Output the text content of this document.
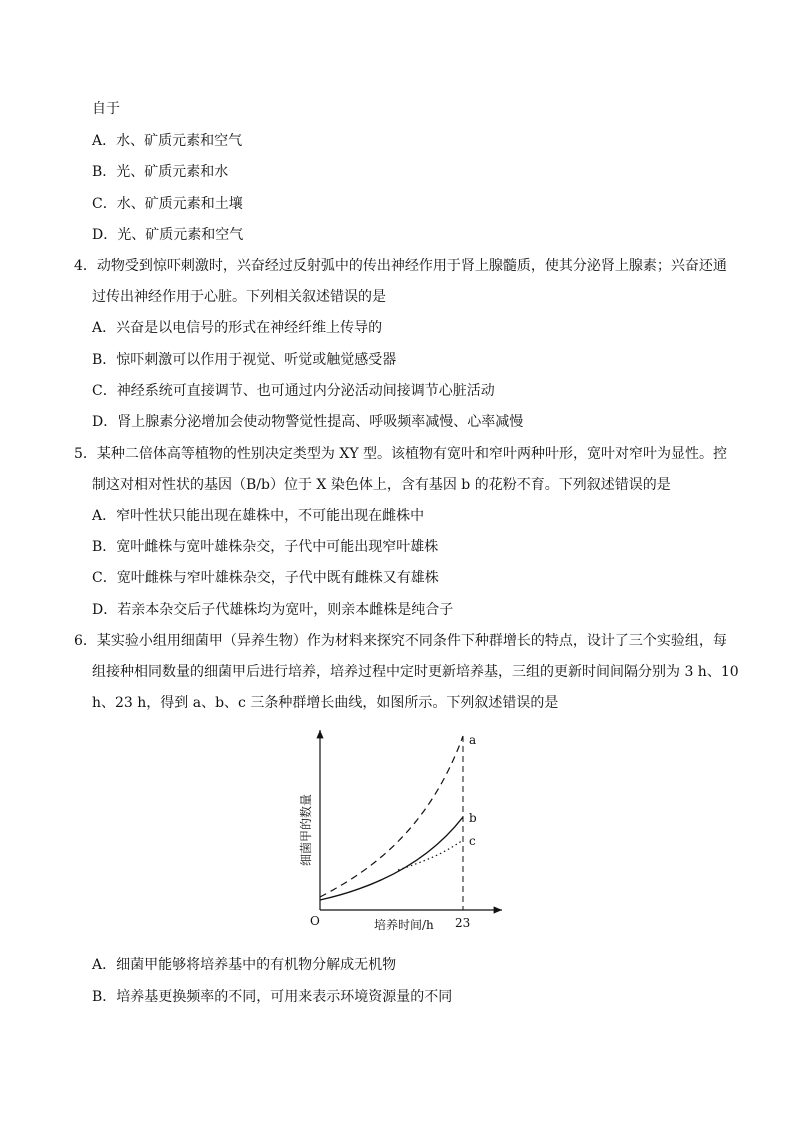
自于
A．水、矿质元素和空气
B．光、矿质元素和水
C．水、矿质元素和土壤
D．光、矿质元素和空气
4．动物受到惊吓刺激时，兴奋经过反射弧中的传出神经作用于肾上腺髓质，使其分泌肾上腺素；兴奋还通
过传出神经作用于心脏。下列相关叙述错误的是
A．兴奋是以电信号的形式在神经纤维上传导的
B．惊吓刺激可以作用于视觉、听觉或触觉感受器
C．神经系统可直接调节、也可通过内分泌活动间接调节心脏活动
D．肾上腺素分泌增加会使动物警觉性提高、呼吸频率减慢、心率减慢
5．某种二倍体高等植物的性别决定类型为 XY 型。该植物有宽叶和窄叶两种叶形，宽叶对窄叶为显性。控
制这对相对性状的基因（B/b）位于 X 染色体上，含有基因 b 的花粉不育。下列叙述错误的是
A．窄叶性状只能出现在雄株中，不可能出现在雌株中
B．宽叶雌株与宽叶雄株杂交，子代中可能出现窄叶雄株
C．宽叶雌株与窄叶雄株杂交，子代中既有雌株又有雄株
D．若亲本杂交后子代雄株均为宽叶，则亲本雌株是纯合子
6．某实验小组用细菌甲（异养生物）作为材料来探究不同条件下种群增长的特点，设计了三个实验组，每
组接种相同数量的细菌甲后进行培养，培养过程中定时更新培养基，三组的更新时间间隔分别为 3 h、10
h、23 h，得到 a、b、c 三条种群增长曲线，如图所示。下列叙述错误的是
a
b
c
O	23
培养时间/h
细菌甲的数量
A．细菌甲能够将培养基中的有机物分解成无机物
B．培养基更换频率的不同，可用来表示环境资源量的不同
